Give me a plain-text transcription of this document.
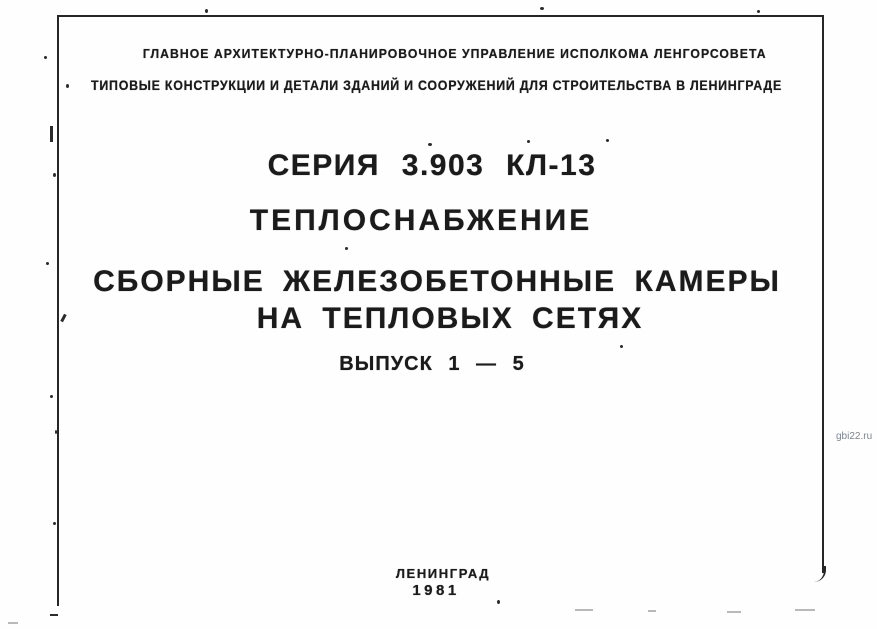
ГЛАВНОЕ АРХИТЕКТУРНО-ПЛАНИРОВОЧНОЕ УПРАВЛЕНИЕ ИСПОЛКОМА ЛЕНГОРСОВЕТА
ТИПОВЫЕ КОНСТРУКЦИИ И ДЕТАЛИ ЗДАНИЙ И СООРУЖЕНИЙ ДЛЯ СТРОИТЕЛЬСТВА В ЛЕНИНГРАДЕ
СЕРИЯ 3.903 КЛ-13
ТЕПЛОСНАБЖЕНИЕ
СБОРНЫЕ ЖЕЛЕЗОБЕТОННЫЕ КАМЕРЫ
НА ТЕПЛОВЫХ СЕТЯХ
ВЫПУСК 1 — 5
ЛЕНИНГРАД
1981
gbi22.ru
